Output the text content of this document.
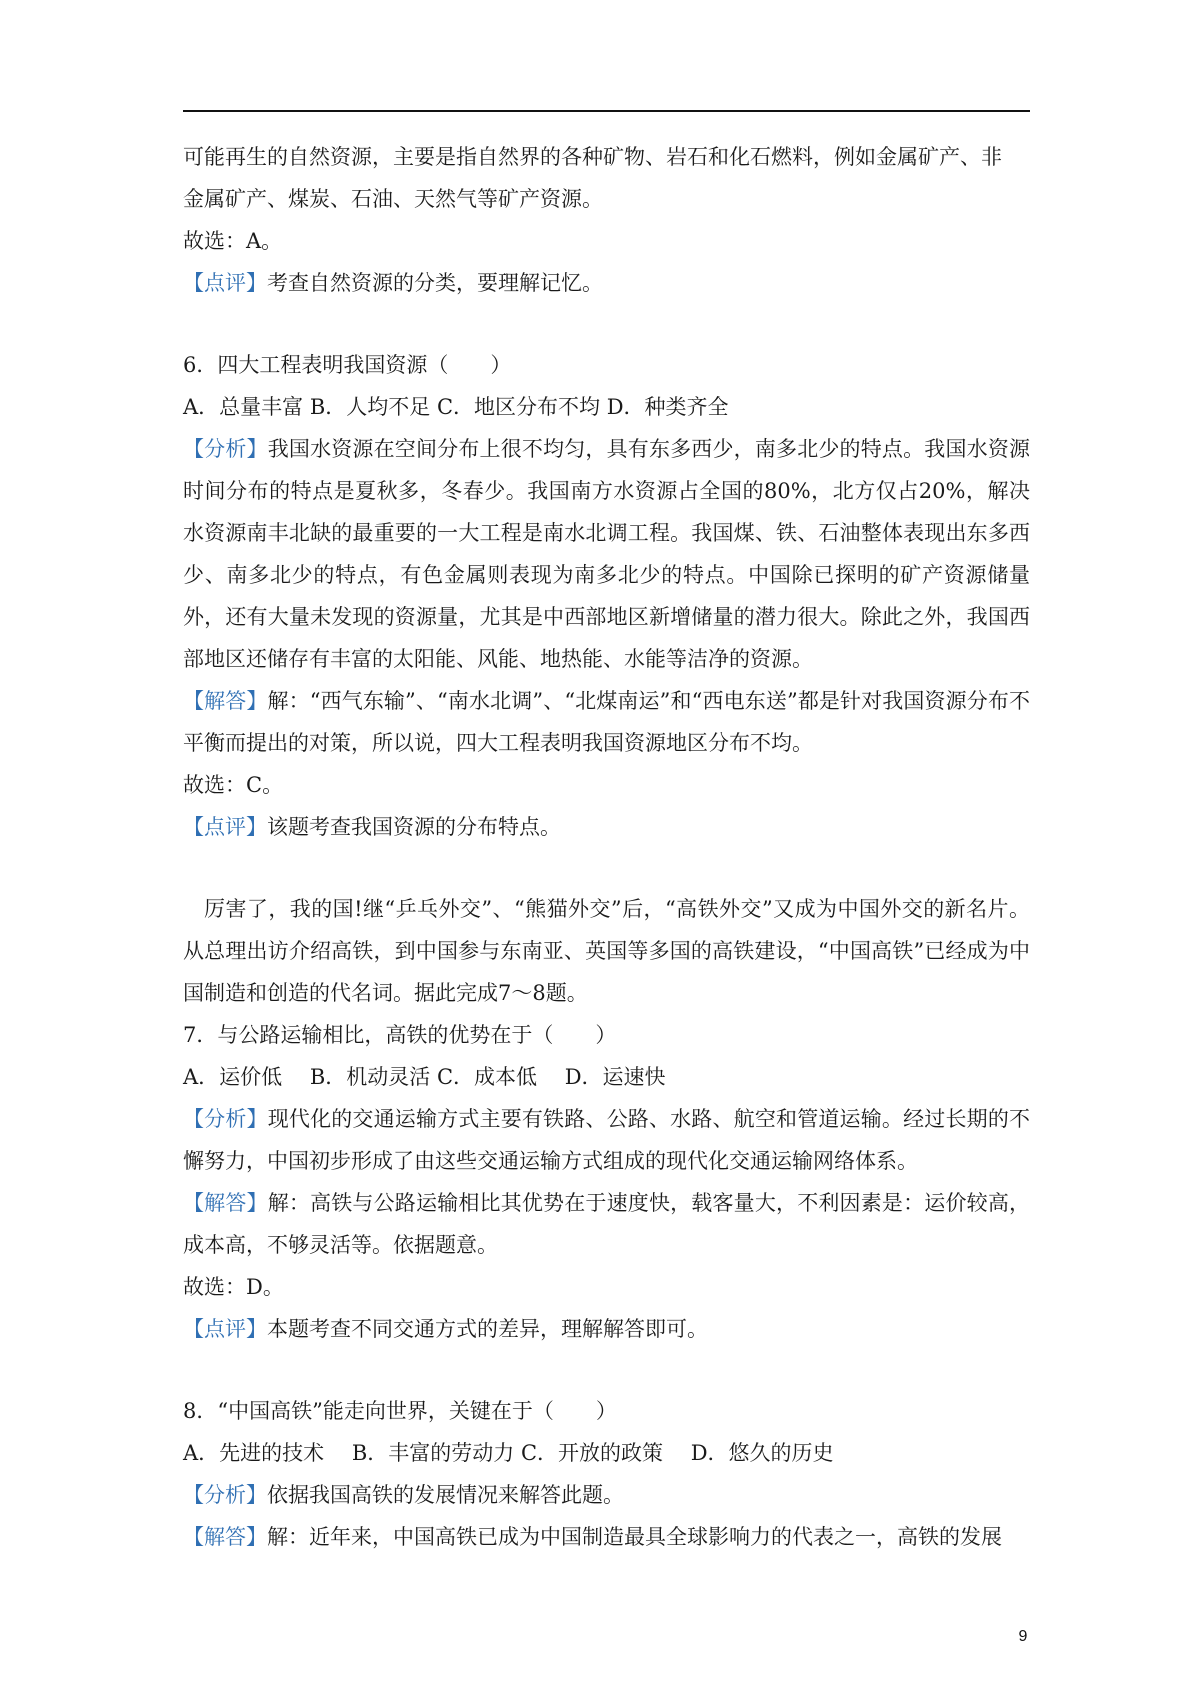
可能再生的自然资源，主要是指自然界的各种矿物、岩石和化石燃料，例如金属矿产、非

金属矿产、煤炭、石油、天然气等矿产资源。

故选：A。

【点评】考查自然资源的分类，要理解记忆。

6．四大工程表明我国资源（　　）

A．总量丰富 B．人均不足 C．地区分布不均 D．种类齐全

【分析】我国水资源在空间分布上很不均匀，具有东多西少，南多北少的特点。我国水资源时间分布的特点是夏秋多，冬春少。我国南方水资源占全国的80%，北方仅占20%，解决水资源南丰北缺的最重要的一大工程是南水北调工程。我国煤、铁、石油整体表现出东多西少、南多北少的特点，有色金属则表现为南多北少的特点。中国除已探明的矿产资源储量外，还有大量未发现的资源量，尤其是中西部地区新增储量的潜力很大。除此之外，我国西部地区还储存有丰富的太阳能、风能、地热能、水能等洁净的资源。

【解答】解：“西气东输”、“南水北调”、“北煤南运”和“西电东送”都是针对我国资源分布不平衡而提出的对策，所以说，四大工程表明我国资源地区分布不均。

故选：C。

【点评】该题考查我国资源的分布特点。

厉害了，我的国!继“乒乓外交”、“熊猫外交”后，“高铁外交”又成为中国外交的新名片。从总理出访介绍高铁，到中国参与东南亚、英国等多国的高铁建设，“中国高铁”已经成为中国制造和创造的代名词。据此完成7～8题。

7．与公路运输相比，高铁的优势在于（　　）

A．运价低　 B．机动灵活 C．成本低　 D．运速快

【分析】现代化的交通运输方式主要有铁路、公路、水路、航空和管道运输。经过长期的不懈努力，中国初步形成了由这些交通运输方式组成的现代化交通运输网络体系。

【解答】解：高铁与公路运输相比其优势在于速度快，载客量大，不利因素是：运价较高，成本高，不够灵活等。依据题意。

故选：D。

【点评】本题考查不同交通方式的差异，理解解答即可。

8．“中国高铁”能走向世界，关键在于（　　）

A．先进的技术　 B．丰富的劳动力 C．开放的政策　 D．悠久的历史

【分析】依据我国高铁的发展情况来解答此题。

【解答】解：近年来，中国高铁已成为中国制造最具全球影响力的代表之一，高铁的发展

9
